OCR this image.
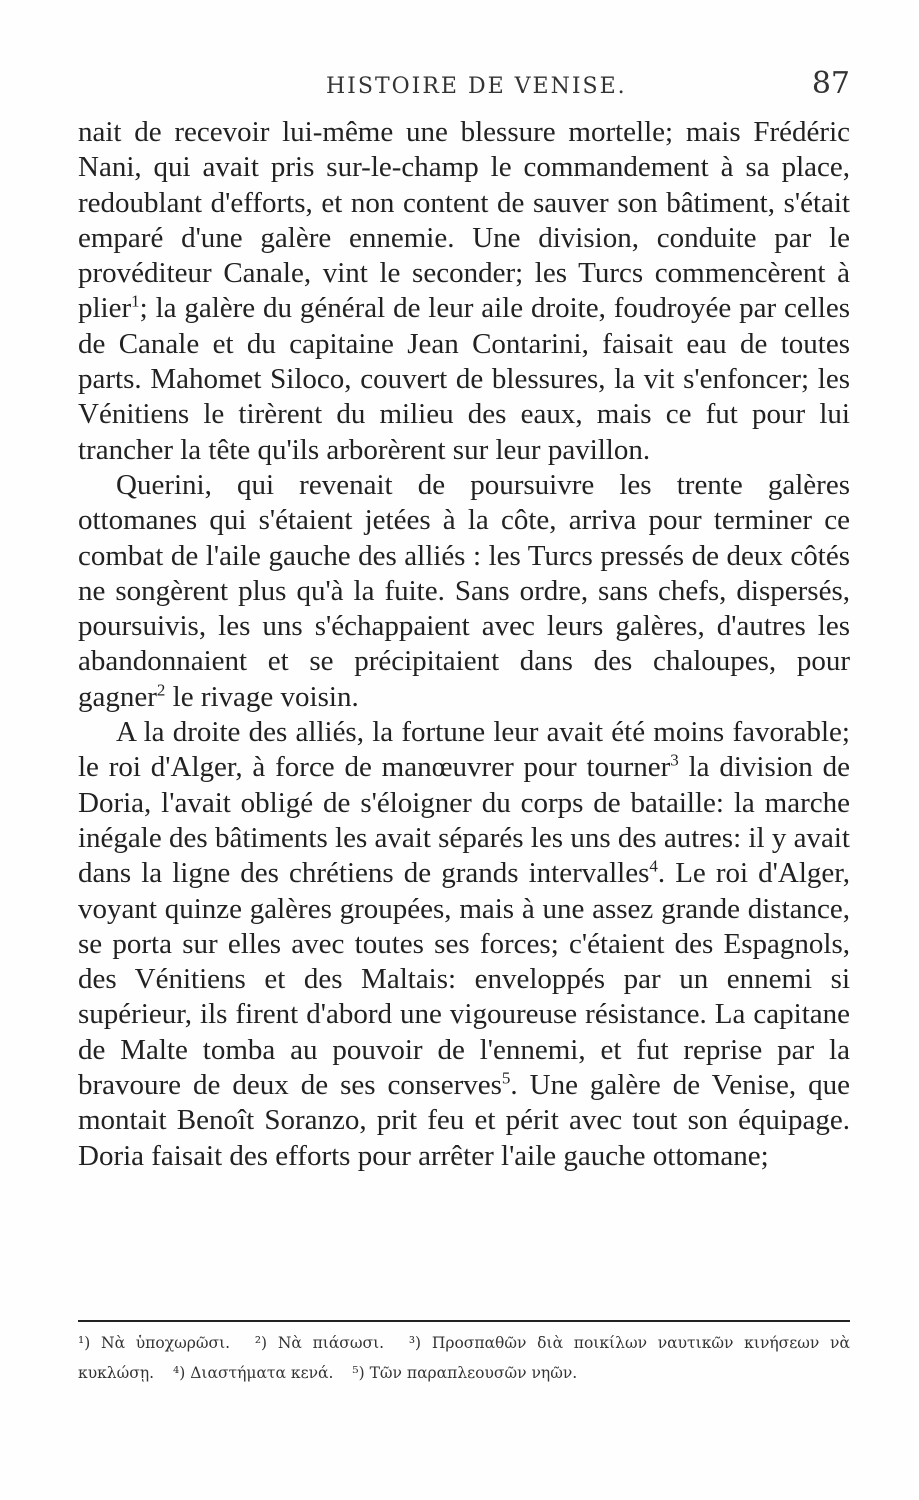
HISTOIRE DE VENISE.	87

nait de recevoir lui-même une blessure mortelle; mais Frédéric Nani, qui avait pris sur-le-champ le commandement à sa place, redoublant d'efforts, et non content de sauver son bâtiment, s'était emparé d'une galère ennemie. Une division, conduite par le provéditeur Canale, vint le seconder; les Turcs commencèrent à plier$^1$; la galère du général de leur aile droite, foudroyée par celles de Canale et du capitaine Jean Contarini, faisait eau de toutes parts. Mahomet Siloco, couvert de blessures, la vit s'enfoncer; les Vénitiens le tirèrent du milieu des eaux, mais ce fut pour lui trancher la tête qu'ils arborèrent sur leur pavillon.

Querini, qui revenait de poursuivre les trente galères ottomanes qui s'étaient jetées à la côte, arriva pour terminer ce combat de l'aile gauche des alliés : les Turcs pressés de deux côtés ne songèrent plus qu'à la fuite. Sans ordre, sans chefs, dispersés, poursuivis, les uns s'échappaient avec leurs galères, d'autres les abandonnaient et se précipitaient dans des chaloupes, pour gagner$^2$ le rivage voisin.

A la droite des alliés, la fortune leur avait été moins favorable; le roi d'Alger, à force de manœuvrer pour tourner$^3$ la division de Doria, l'avait obligé de s'éloigner du corps de bataille: la marche inégale des bâtiments les avait séparés les uns des autres: il y avait dans la ligne des chrétiens de grands intervalles$^4$. Le roi d'Alger, voyant quinze galères groupées, mais à une assez grande distance, se porta sur elles avec toutes ses forces; c'étaient des Espagnols, des Vénitiens et des Maltais: enveloppés par un ennemi si supérieur, ils firent d'abord une vigoureuse résistance. La capitane de Malte tomba au pouvoir de l'ennemi, et fut reprise par la bravoure de deux de ses conserves$^5$. Une galère de Venise, que montait Benoît Soranzo, prit feu et périt avec tout son équipage. Doria faisait des efforts pour arrêter l'aile gauche ottomane;

¹) Νὰ ὑποχωρῶσι. ²) Νὰ πιάσωσι. ³) Προσπαθῶν διὰ ποικίλων ναυτικῶν κινήσεων νὰ κυκλώσῃ. ⁴) Διαστήματα κενά. ⁵) Τῶν παραπλεουσῶν νηῶν.
